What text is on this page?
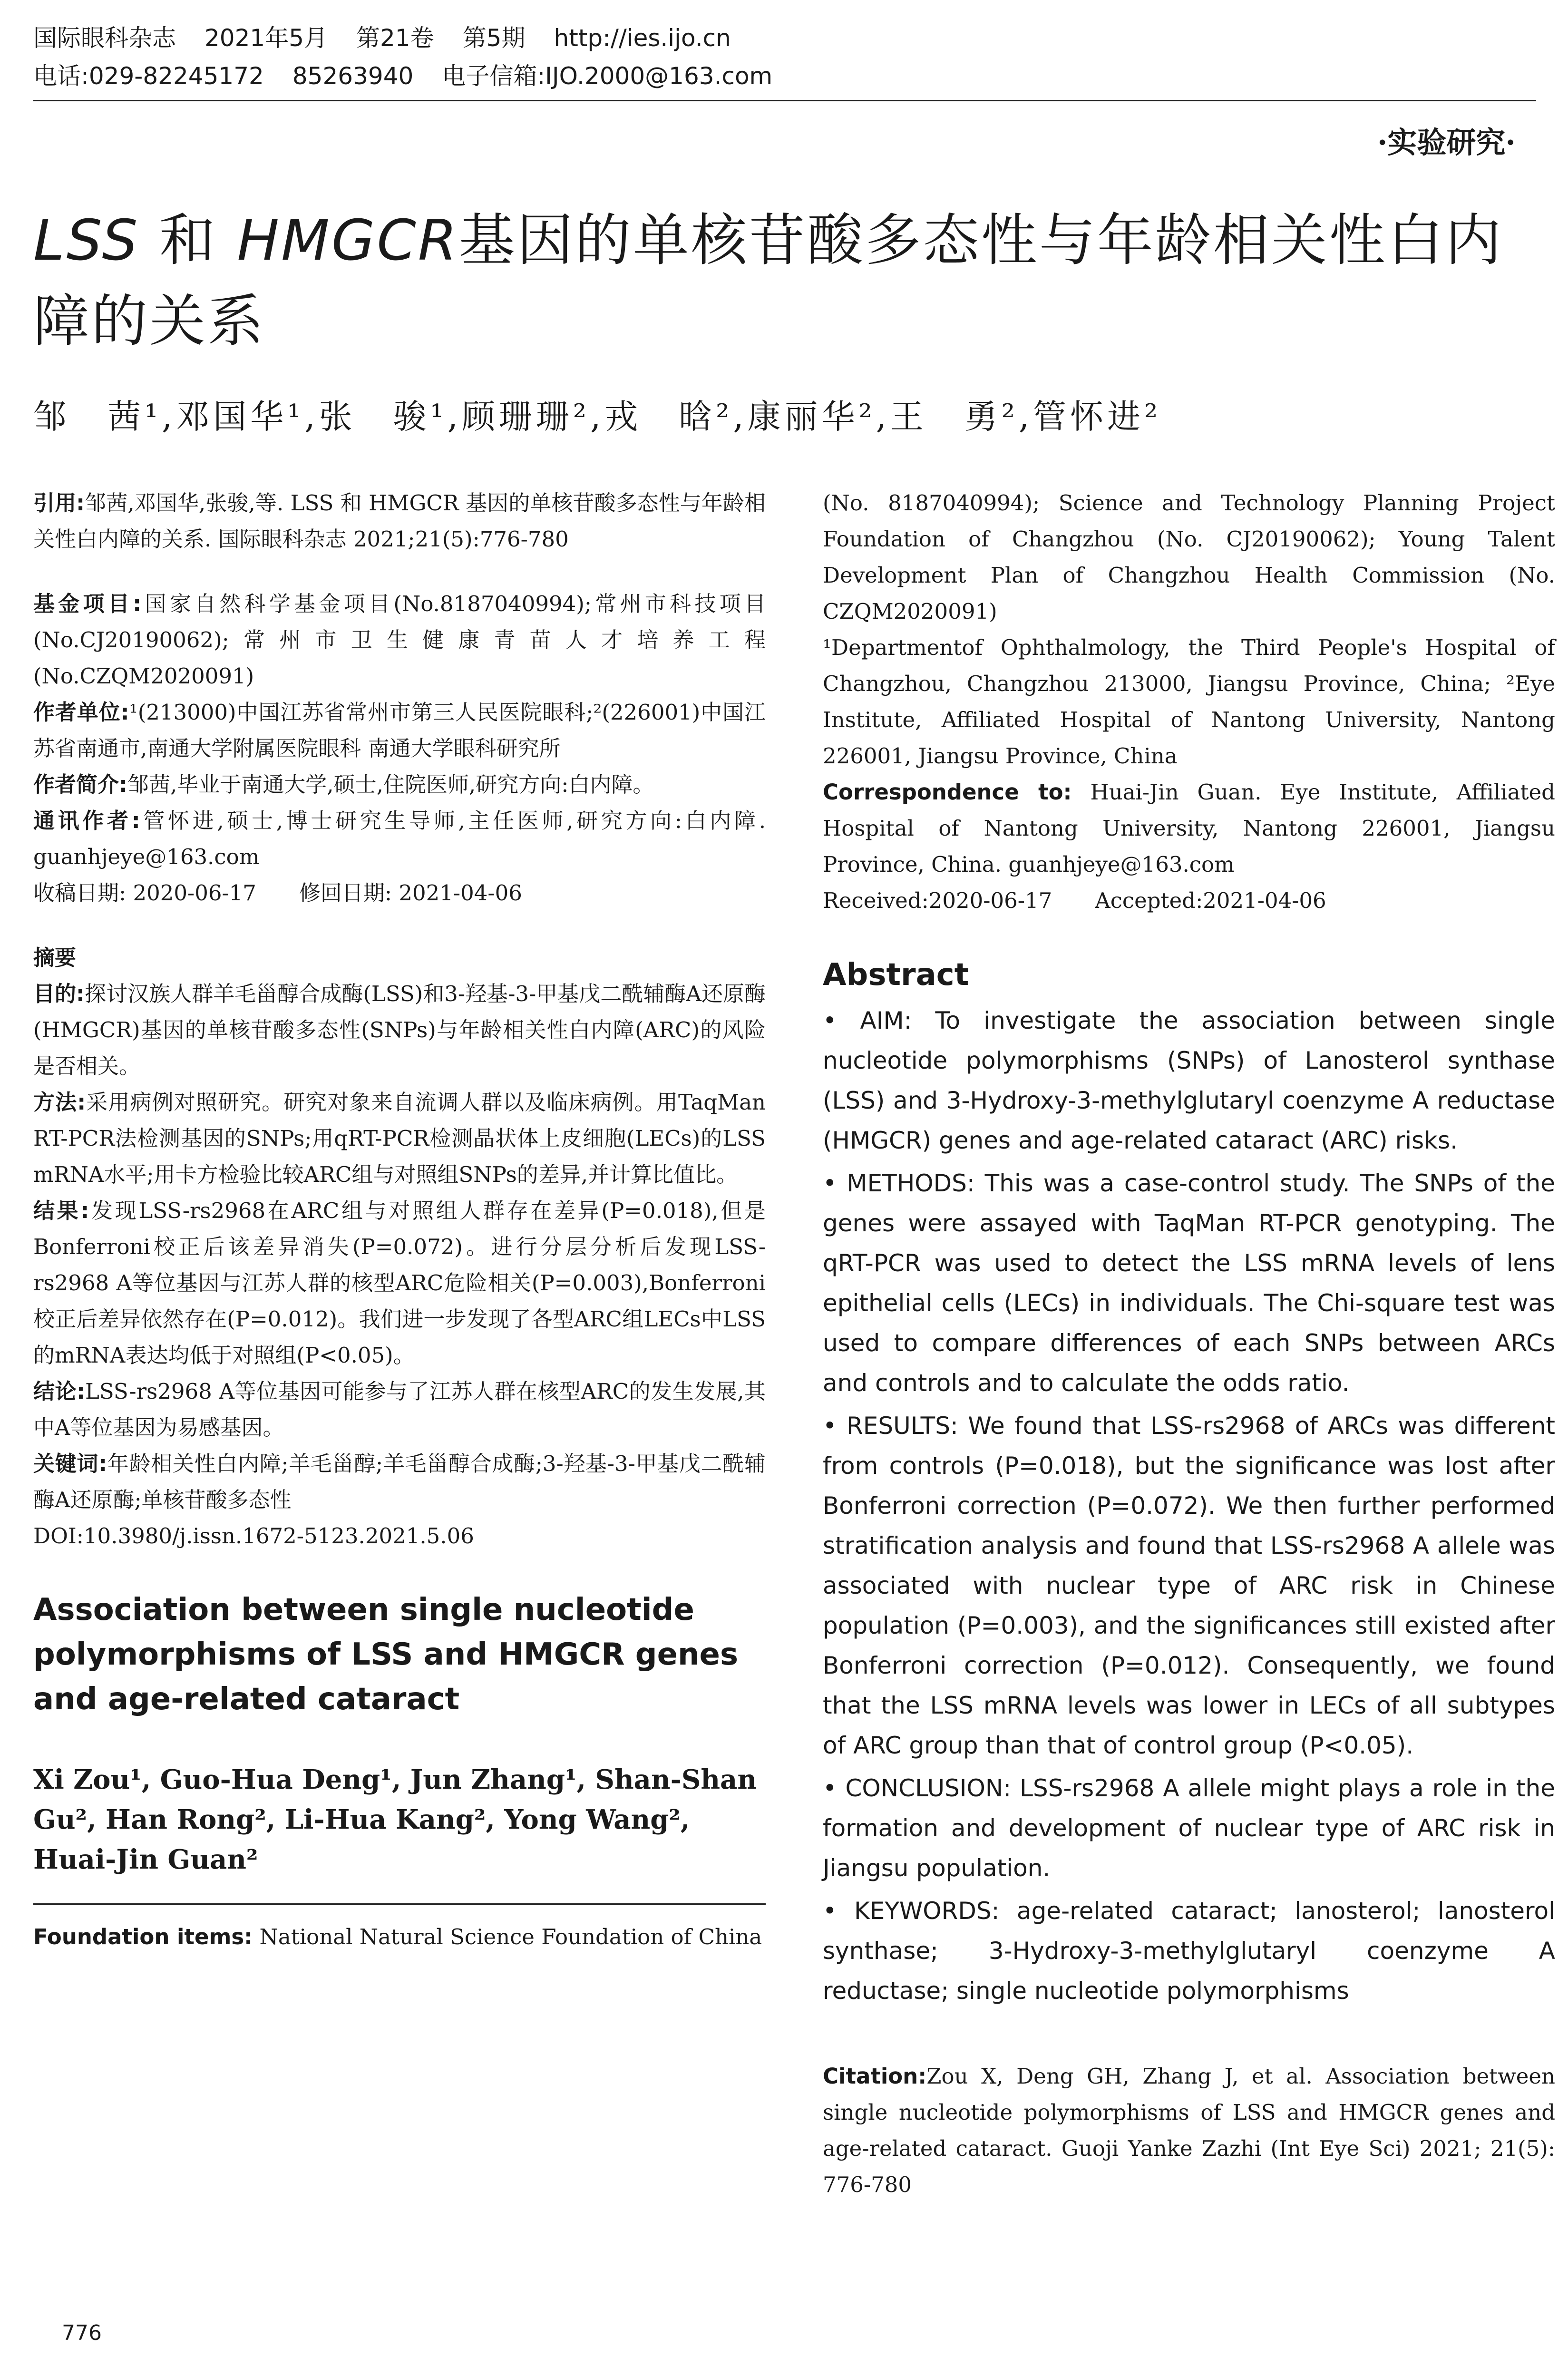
国际眼科杂志 2021年5月 第21卷 第5期 http://ies.ijo.cn
电话:029-82245172 85263940 电子信箱:IJO.2000@163.com
·实验研究·
LSS 和 HMGCR基因的单核苷酸多态性与年龄相关性白内障的关系
邹　茜¹,邓国华¹,张　骏¹,顾珊珊²,戎　晗²,康丽华²,王　勇²,管怀进²

引用:邹茜,邓国华,张骏,等. LSS 和 HMGCR 基因的单核苷酸多态性与年龄相关性白内障的关系. 国际眼科杂志 2021;21(5):776-780

基金项目:国家自然科学基金项目(No.8187040994);常州市科技项目(No.CJ20190062);常州市卫生健康青苗人才培养工程(No.CZQM2020091)

作者单位:¹(213000)中国江苏省常州市第三人民医院眼科;²(226001)中国江苏省南通市,南通大学附属医院眼科 南通大学眼科研究所

作者简介:邹茜,毕业于南通大学,硕士,住院医师,研究方向:白内障。

通讯作者:管怀进,硕士,博士研究生导师,主任医师,研究方向:白内障. guanhjeye@163.com

收稿日期: 2020-06-17　　修回日期: 2021-04-06

摘要

目的:探讨汉族人群羊毛甾醇合成酶(LSS)和3-羟基-3-甲基戊二酰辅酶A还原酶(HMGCR)基因的单核苷酸多态性(SNPs)与年龄相关性白内障(ARC)的风险是否相关。

方法:采用病例对照研究。研究对象来自流调人群以及临床病例。用TaqMan RT-PCR法检测基因的SNPs;用qRT-PCR检测晶状体上皮细胞(LECs)的LSS mRNA水平;用卡方检验比较ARC组与对照组SNPs的差异,并计算比值比。

结果:发现LSS-rs2968在ARC组与对照组人群存在差异(P=0.018),但是Bonferroni校正后该差异消失(P=0.072)。进行分层分析后发现LSS-rs2968 A等位基因与江苏人群的核型ARC危险相关(P=0.003),Bonferroni校正后差异依然存在(P=0.012)。我们进一步发现了各型ARC组LECs中LSS的mRNA表达均低于对照组(P<0.05)。

结论:LSS-rs2968 A等位基因可能参与了江苏人群在核型ARC的发生发展,其中A等位基因为易感基因。

关键词:年龄相关性白内障;羊毛甾醇;羊毛甾醇合成酶;3-羟基-3-甲基戊二酰辅酶A还原酶;单核苷酸多态性

DOI:10.3980/j.issn.1672-5123.2021.5.06

Association between single nucleotide polymorphisms of LSS and HMGCR genes and age-related cataract
Xi Zou¹, Guo-Hua Deng¹, Jun Zhang¹, Shan-Shan Gu², Han Rong², Li-Hua Kang², Yong Wang², Huai-Jin Guan²

Foundation items: National Natural Science Foundation of China

(No. 8187040994); Science and Technology Planning Project Foundation of Changzhou (No. CJ20190062); Young Talent Development Plan of Changzhou Health Commission (No. CZQM2020091)

¹Departmentof Ophthalmology, the Third People's Hospital of Changzhou, Changzhou 213000, Jiangsu Province, China; ²Eye Institute, Affiliated Hospital of Nantong University, Nantong 226001, Jiangsu Province, China

Correspondence to: Huai-Jin Guan. Eye Institute, Affiliated Hospital of Nantong University, Nantong 226001, Jiangsu Province, China. guanhjeye@163.com

Received:2020-06-17　　Accepted:2021-04-06

Abstract

• AIM: To investigate the association between single nucleotide polymorphisms (SNPs) of Lanosterol synthase (LSS) and 3-Hydroxy-3-methylglutaryl coenzyme A reductase (HMGCR) genes and age-related cataract (ARC) risks.

• METHODS: This was a case-control study. The SNPs of the genes were assayed with TaqMan RT-PCR genotyping. The qRT-PCR was used to detect the LSS mRNA levels of lens epithelial cells (LECs) in individuals. The Chi-square test was used to compare differences of each SNPs between ARCs and controls and to calculate the odds ratio.

• RESULTS: We found that LSS-rs2968 of ARCs was different from controls (P=0.018), but the significance was lost after Bonferroni correction (P=0.072). We then further performed stratification analysis and found that LSS-rs2968 A allele was associated with nuclear type of ARC risk in Chinese population (P=0.003), and the significances still existed after Bonferroni correction (P=0.012). Consequently, we found that the LSS mRNA levels was lower in LECs of all subtypes of ARC group than that of control group (P<0.05).

• CONCLUSION: LSS-rs2968 A allele might plays a role in the formation and development of nuclear type of ARC risk in Jiangsu population.

• KEYWORDS: age-related cataract; lanosterol; lanosterol synthase; 3-Hydroxy-3-methylglutaryl coenzyme A reductase; single nucleotide polymorphisms

Citation:Zou X, Deng GH, Zhang J, et al. Association between single nucleotide polymorphisms of LSS and HMGCR genes and age-related cataract. Guoji Yanke Zazhi (Int Eye Sci) 2021; 21(5): 776-780

776
